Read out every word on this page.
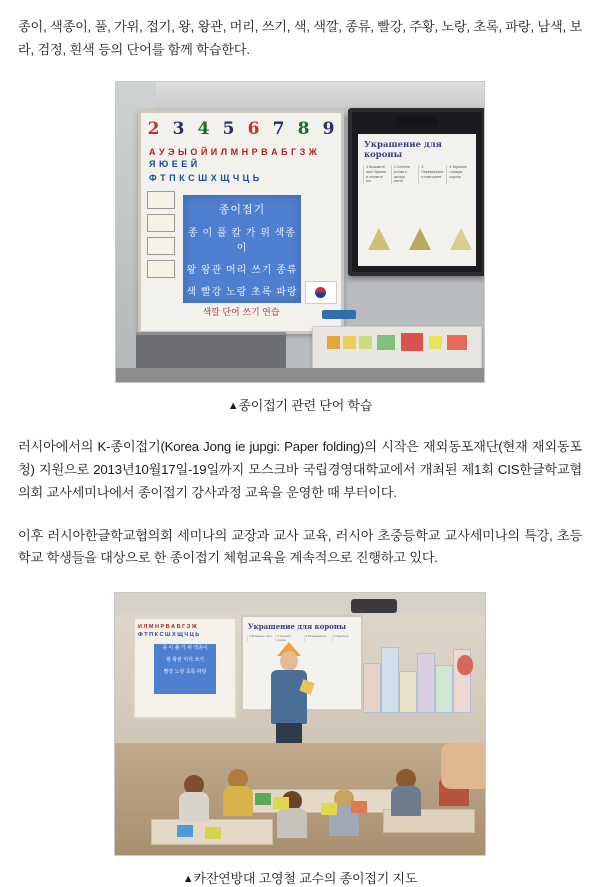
종이, 색종이, 풀, 가위, 접기, 왕, 왕관, 머리, 쓰기, 색, 색깔, 종류, 빨강, 주황, 노랑, 초록, 파랑, 남색, 보라, 검정, 흰색 등의 단어를 함께 학습한다.

2 3 4 5 6 7 8 9
А У Э Ы О Й И Л М Н Р В А Б Г З Ж
Я Ю Е Е Й
Ф Т П К С Ш Х Щ Ч Ц Ь
종이접기
종 이 풀 칼 가 위 색종이
왕 왕관 머리 쓰기 종류
색 빨강 노랑 초록 파랑
색깔 단어 쓰기 연습
Украшение для короны
1 Возьмите лист бумаги и сложите его
2 Согните уголки к центру листа
3 Переверните и повторите
4 Украсьте готовую корону
▲종이접기 관련 단어 학습

러시아에서의 K-종이접기(Korea Jong ie jupgi: Paper folding)의 시작은 재외동포재단(현재 재외동포청) 지원으로 2013년10월17일-19일까지 모스크바 국립경영대학교에서 개최된 제1회 CIS한글학교협의회 교사세미나에서 종이접기 강사과정 교육을 운영한 때 부터이다.

이후 러시아한글학교협의회 세미나의 교장과 교사 교육, 러시아 초중등학교 교사세미나의 특강, 초등학교 학생들을 대상으로 한 종이접기 체험교육을 계속적으로 진행하고 있다.

И Л М Н Р В А Б Г З Ж
Ф Т П К С Ш Х Щ Ч Ц Ь

종 이 풀 가 위 색종이

왕 왕관 머리 쓰기

빨강 노랑 초록 파랑

Украшение для короны
1 Возьмите лист	2 Согните уголки
3 Переверните	4 Украсьте
▲카잔연방대 고영철 교수의 종이접기 지도
